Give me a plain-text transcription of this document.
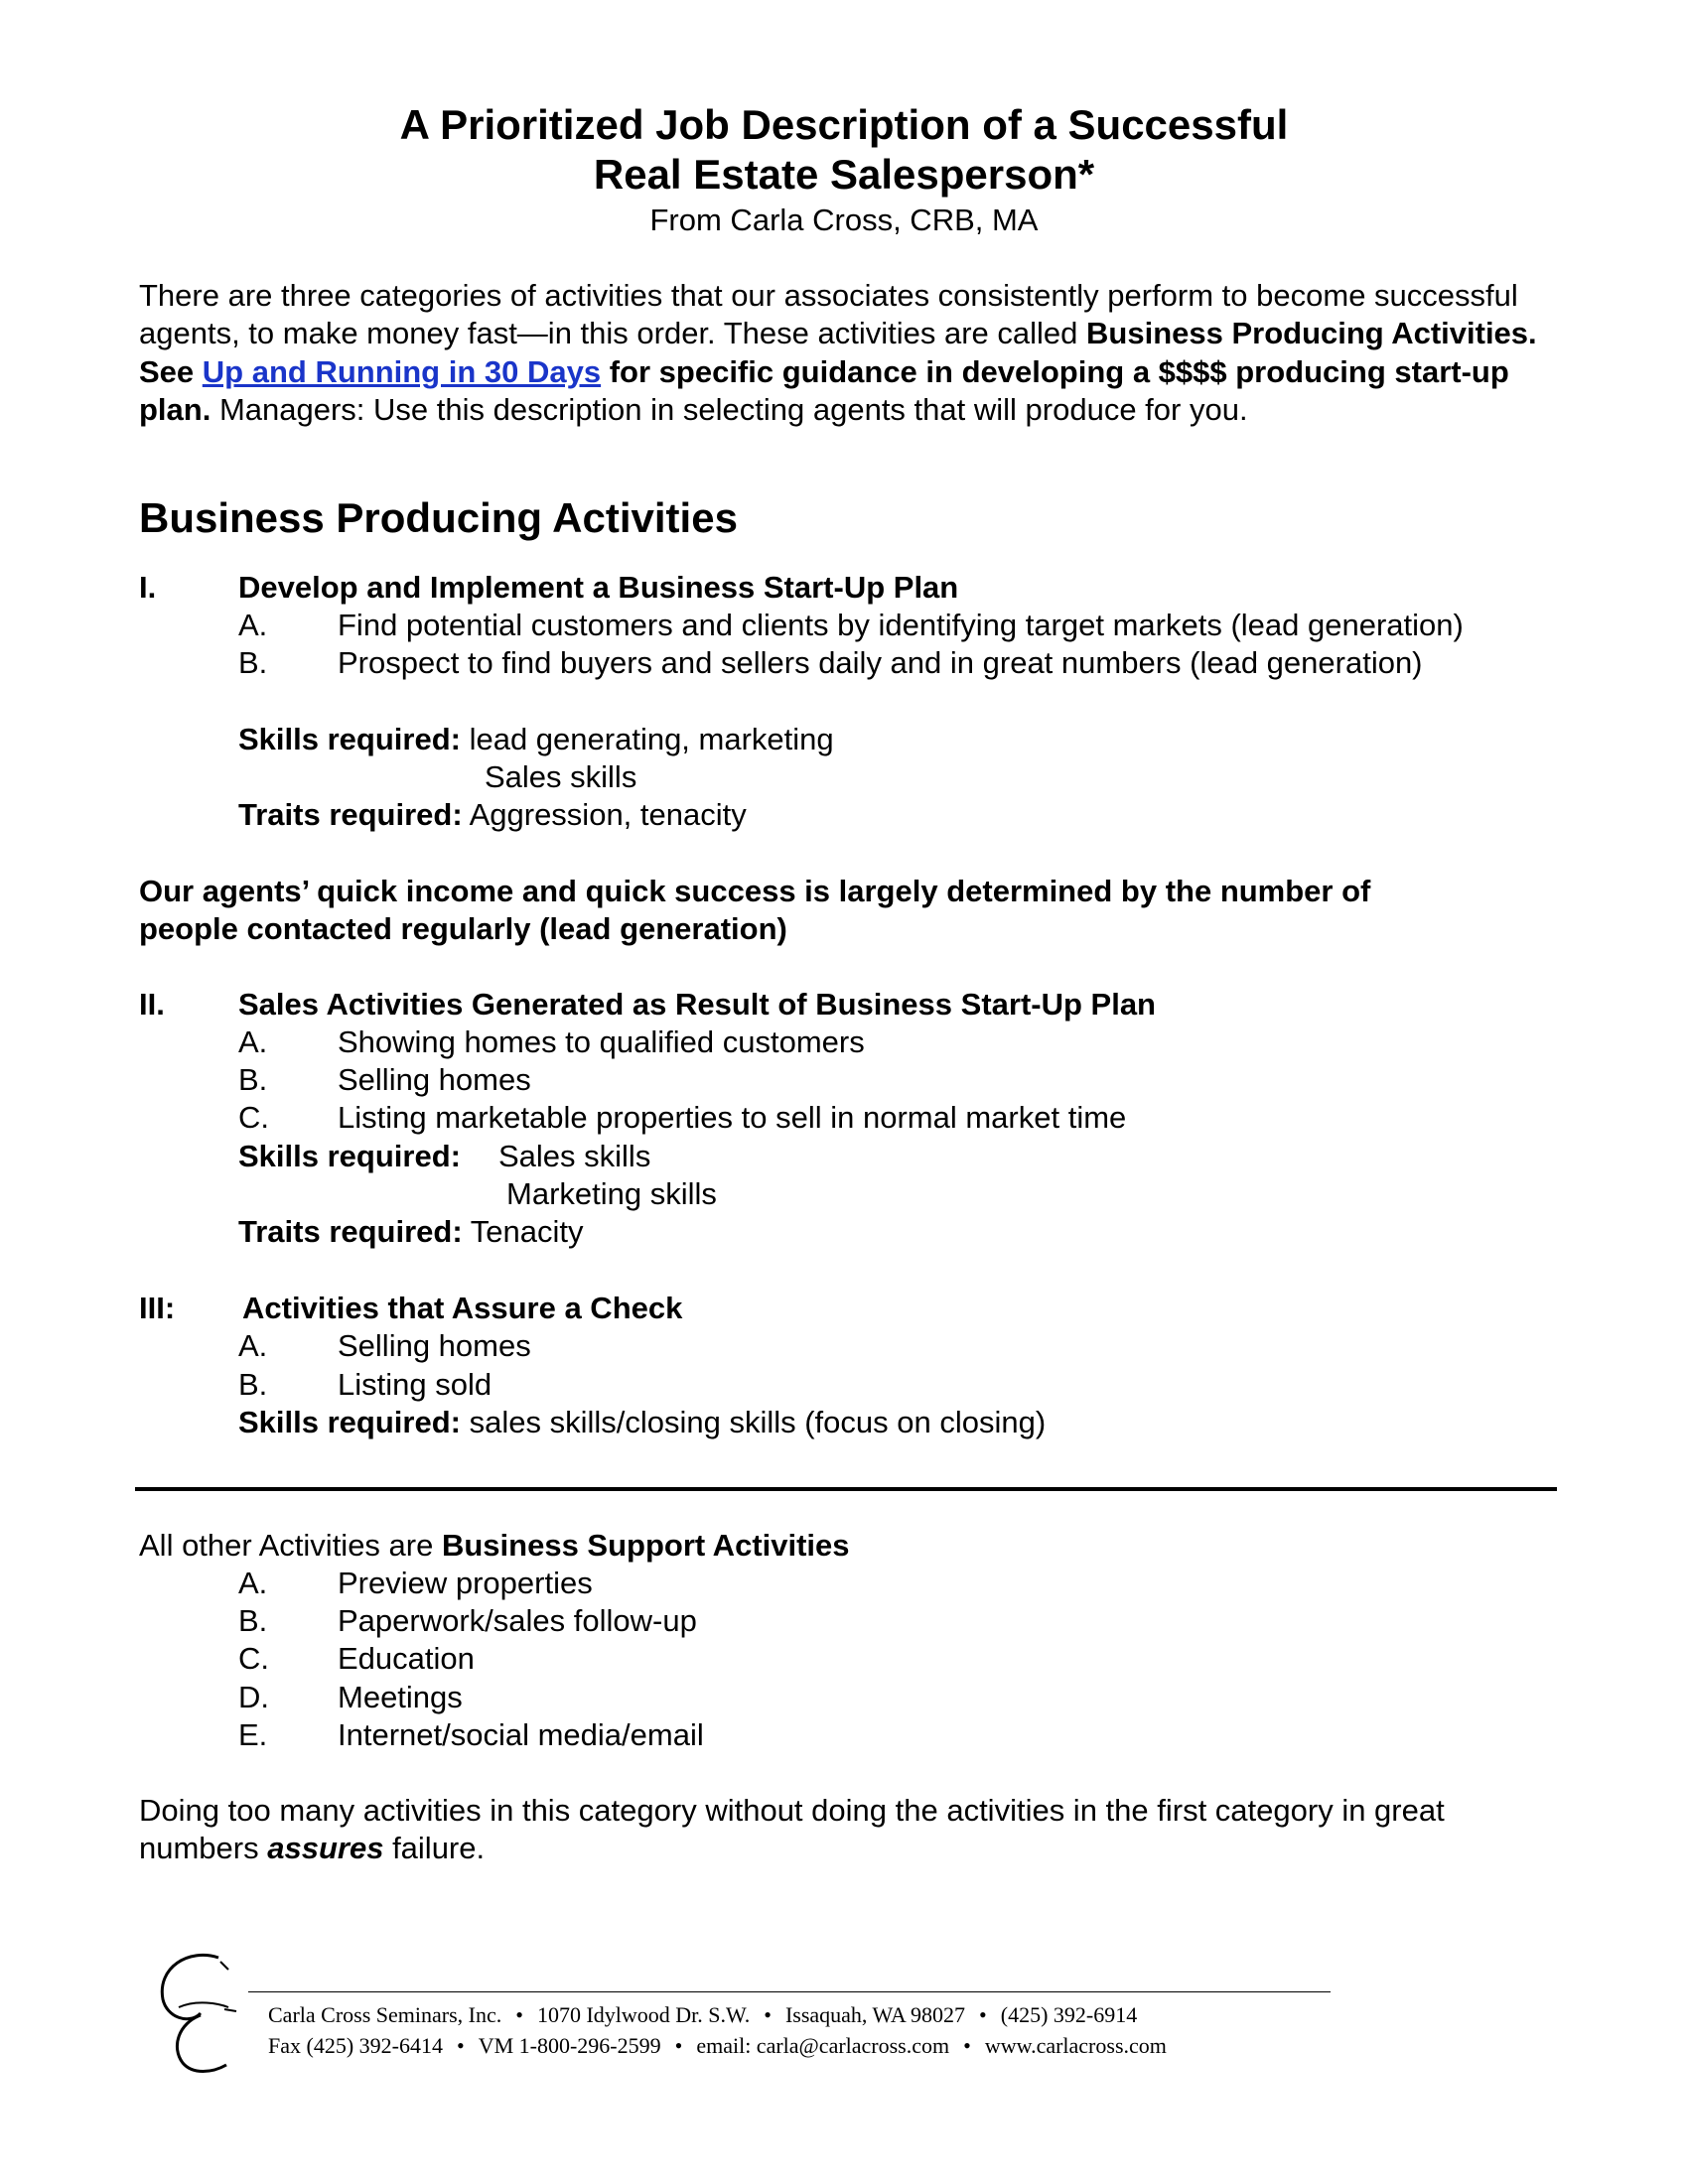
A Prioritized Job Description of a Successful
Real Estate Salesperson*
From Carla Cross, CRB, MA
There are three categories of activities that our associates consistently perform to become successful agents, to make money fast—in this order. These activities are called Business Producing Activities. See Up and Running in 30 Days for specific guidance in developing a $$$$ producing start-up plan. Managers: Use this description in selecting agents that will produce for you.
Business Producing Activities
I.	Develop and Implement a Business Start-Up Plan
A. Find potential customers and clients by identifying target markets (lead generation)
B. Prospect to find buyers and sellers daily and in great numbers (lead generation)
Skills required: lead generating, marketing
Sales skills
Traits required: Aggression, tenacity
Our agents’ quick income and quick success is largely determined by the number of
people contacted regularly (lead generation)
II. Sales Activities Generated as Result of Business Start-Up Plan
A. Showing homes to qualified customers
B. Selling homes
C. Listing marketable properties to sell in normal market time
Skills required: Sales skills
Marketing skills
Traits required: Tenacity
III: Activities that Assure a Check
A. Selling homes
B. Listing sold
Skills required: sales skills/closing skills (focus on closing)
All other Activities are Business Support Activities
A. Preview properties
B. Paperwork/sales follow-up
C. Education
D. Meetings
E. Internet/social media/email
Doing too many activities in this category without doing the activities in the first category in great
numbers assures failure.
Carla Cross Seminars, Inc. • 1070 Idylwood Dr. S.W. • Issaquah, WA 98027 • (425) 392-6914
Fax (425) 392-6414 • VM 1-800-296-2599 • email: carla@carlacross.com • www.carlacross.com
